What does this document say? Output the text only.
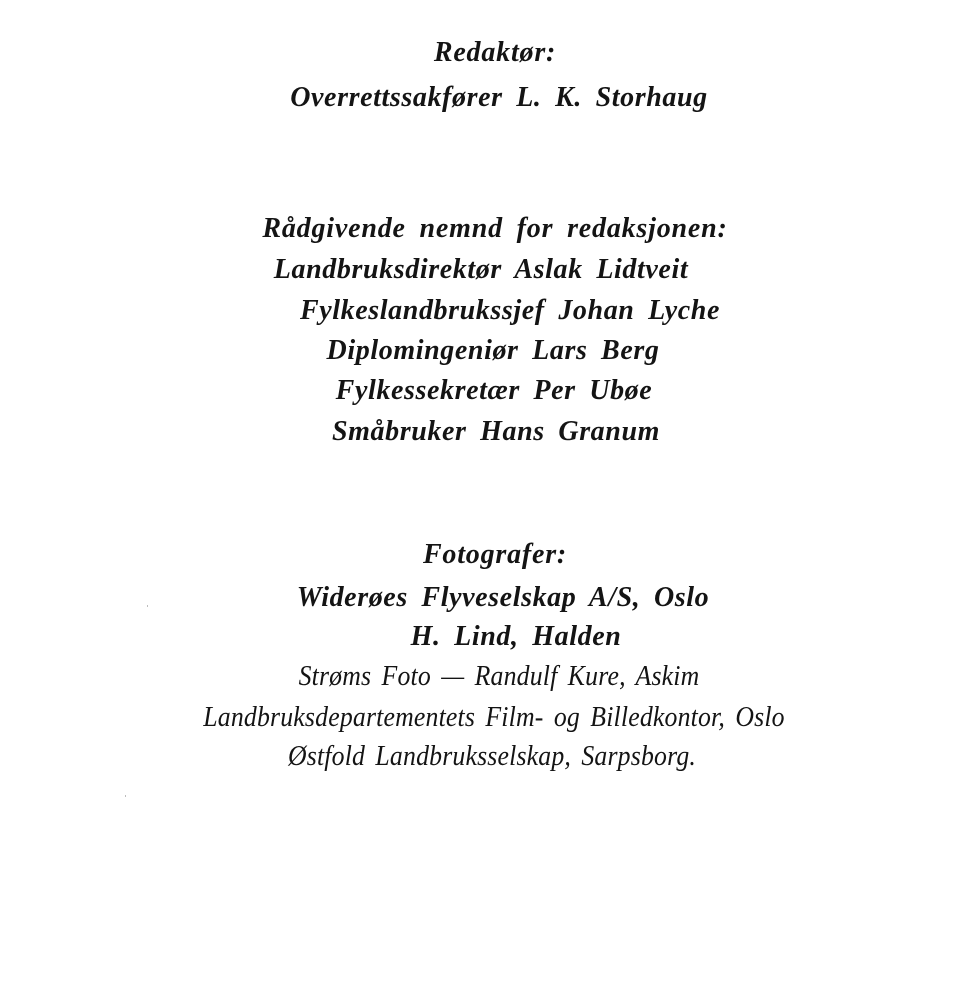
Redaktør:
Overrettssakfører L. K. Storhaug
Rådgivende nemnd for redaksjonen:
Landbruksdirektør Aslak Lidtveit
Fylkeslandbrukssjef Johan Lyche
Diplomingeniør Lars Berg
Fylkessekretær Per Ubøe
Småbruker Hans Granum
Fotografer:
Widerøes Flyveselskap A/S, Oslo
H. Lind, Halden
Strøms Foto — Randulf Kure, Askim
Landbruksdepartementets Film- og Billedkontor, Oslo
Østfold Landbruksselskap, Sarpsborg.
